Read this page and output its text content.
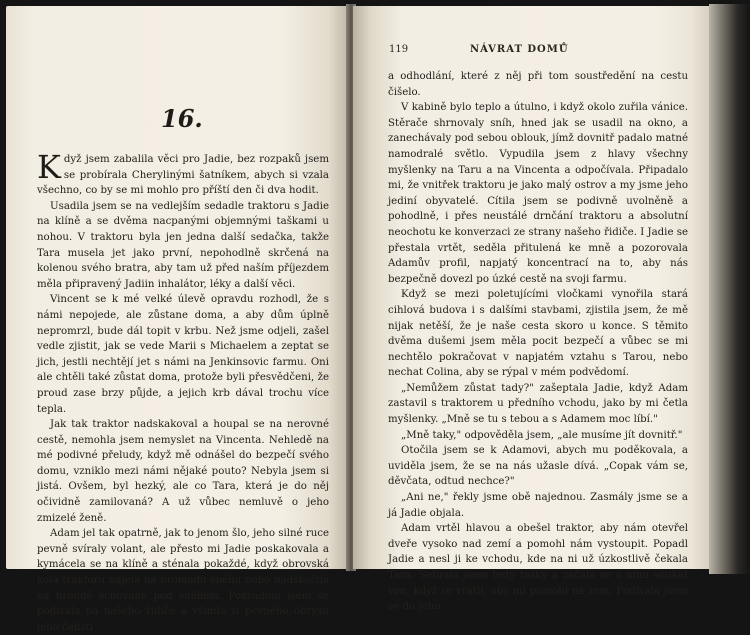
16.

Když jsem zabalila věci pro Jadie, bez rozpaků jsem se probírala Cherylinými šatníkem, abych si vzala všechno, co by se mi mohlo pro příští den či dva hodit.

Usadila jsem se na vedlejším sedadle traktoru s Jadie na klíně a se dvěma nacpanými objemnými taškami u nohou. V traktoru byla jen jedna další sedačka, takže Tara musela jet jako první, nepohodlně skrčená na kolenou svého bratra, aby tam už před naším příjezdem měla připravený Jadiin inhalátor, léky a další věci.

Vincent se k mé velké úlevě opravdu rozhodl, že s námi nepojede, ale zůstane doma, a aby dům úplně nepromrzl, bude dál topit v krbu. Než jsme odjeli, zašel vedle zjistit, jak se vede Marii s Michaelem a zeptat se jich, jestli nechtějí jet s námi na Jenkinsovic farmu. Oni ale chtěli také zůstat doma, protože byli přesvědčeni, že proud zase brzy půjde, a jejich krb dával trochu více tepla.

Jak tak traktor nadskakoval a houpal se na nerovné cestě, nemohla jsem nemyslet na Vincenta. Nehledě na mé podivné přeludy, když mě odnášel do bezpečí svého domu, vzniklo mezi námi nějaké pouto? Nebyla jsem si jistá. Ovšem, byl hezký, ale co Tara, která je do něj očividně zamilovaná? A už vůbec nemluvě o jeho zmizelé ženě.

Adam jel tak opatrně, jak to jenom šlo, jeho silné ruce pevně svíraly volant, ale přesto mi Jadie poskakovala a kymácela se na klíně a sténala pokaždé, když obrovská kola traktoru najela na hromadu sněhu nebo nadskočila na hroudě schované pod sněhem. Pokradmu jsem se podívala na našeho řidiče a všimla si pevného obrysu jeho čelisti

119	NÁVRAT DOMŮ

a odhodlání, které z něj při tom soustředění na cestu čišelo.

V kabině bylo teplo a útulno, i když okolo zuřila vánice. Stěrače shrnovaly sníh, hned jak se usadil na okno, a zanechávaly pod sebou oblouk, jímž dovnitř padalo matné namodralé světlo. Vypudila jsem z hlavy všechny myšlenky na Taru a na Vincenta a odpočívala. Připadalo mi, že vnitřek traktoru je jako malý ostrov a my jsme jeho jediní obyvatelé. Cítila jsem se podivně uvolněně a pohodlně, i přes neustálé drnčání traktoru a absolutní neochotu ke konverzaci ze strany našeho řidiče. I Jadie se přestala vrtět, seděla přitulená ke mně a pozorovala Adamův profil, napjatý koncentrací na to, aby nás bezpečně dovezl po úzké cestě na svoji farmu.

Když se mezi poletujícími vločkami vynořila stará cihlová budova i s dalšími stavbami, zjistila jsem, že mě nijak netěší, že je naše cesta skoro u konce. S těmito dvěma dušemi jsem měla pocit bezpečí a vůbec se mi nechtělo pokračovat v napjatém vztahu s Tarou, nebo nechat Colina, aby se rýpal v mém podvědomí.

„Nemůžem zůstat tady?" zašeptala Jadie, když Adam zastavil s traktorem u předního vchodu, jako by mi četla myšlenky. „Mně se tu s tebou a s Adamem moc líbí."

„Mně taky," odpověděla jsem, „ale musíme jít dovnitř."

Otočila jsem se k Adamovi, abych mu poděkovala, a uviděla jsem, že se na nás užasle dívá. „Copak vám se, děvčata, odtud nechce?"

„Ani ne," řekly jsme obě najednou. Zasmály jsme se a já Jadie objala.

Adam vrtěl hlavou a obešel traktor, aby nám otevřel dveře vysoko nad zemí a pomohl nám vystoupit. Popadl Jadie a nesl ji ke vchodu, kde na ni už úzkostlivě čekala Tara. Sebrala jsem tedy tašky a začala se s nimi soukat ven, když se vrátil, aby mi pomohl na zem. Podívala jsem se do jeho
